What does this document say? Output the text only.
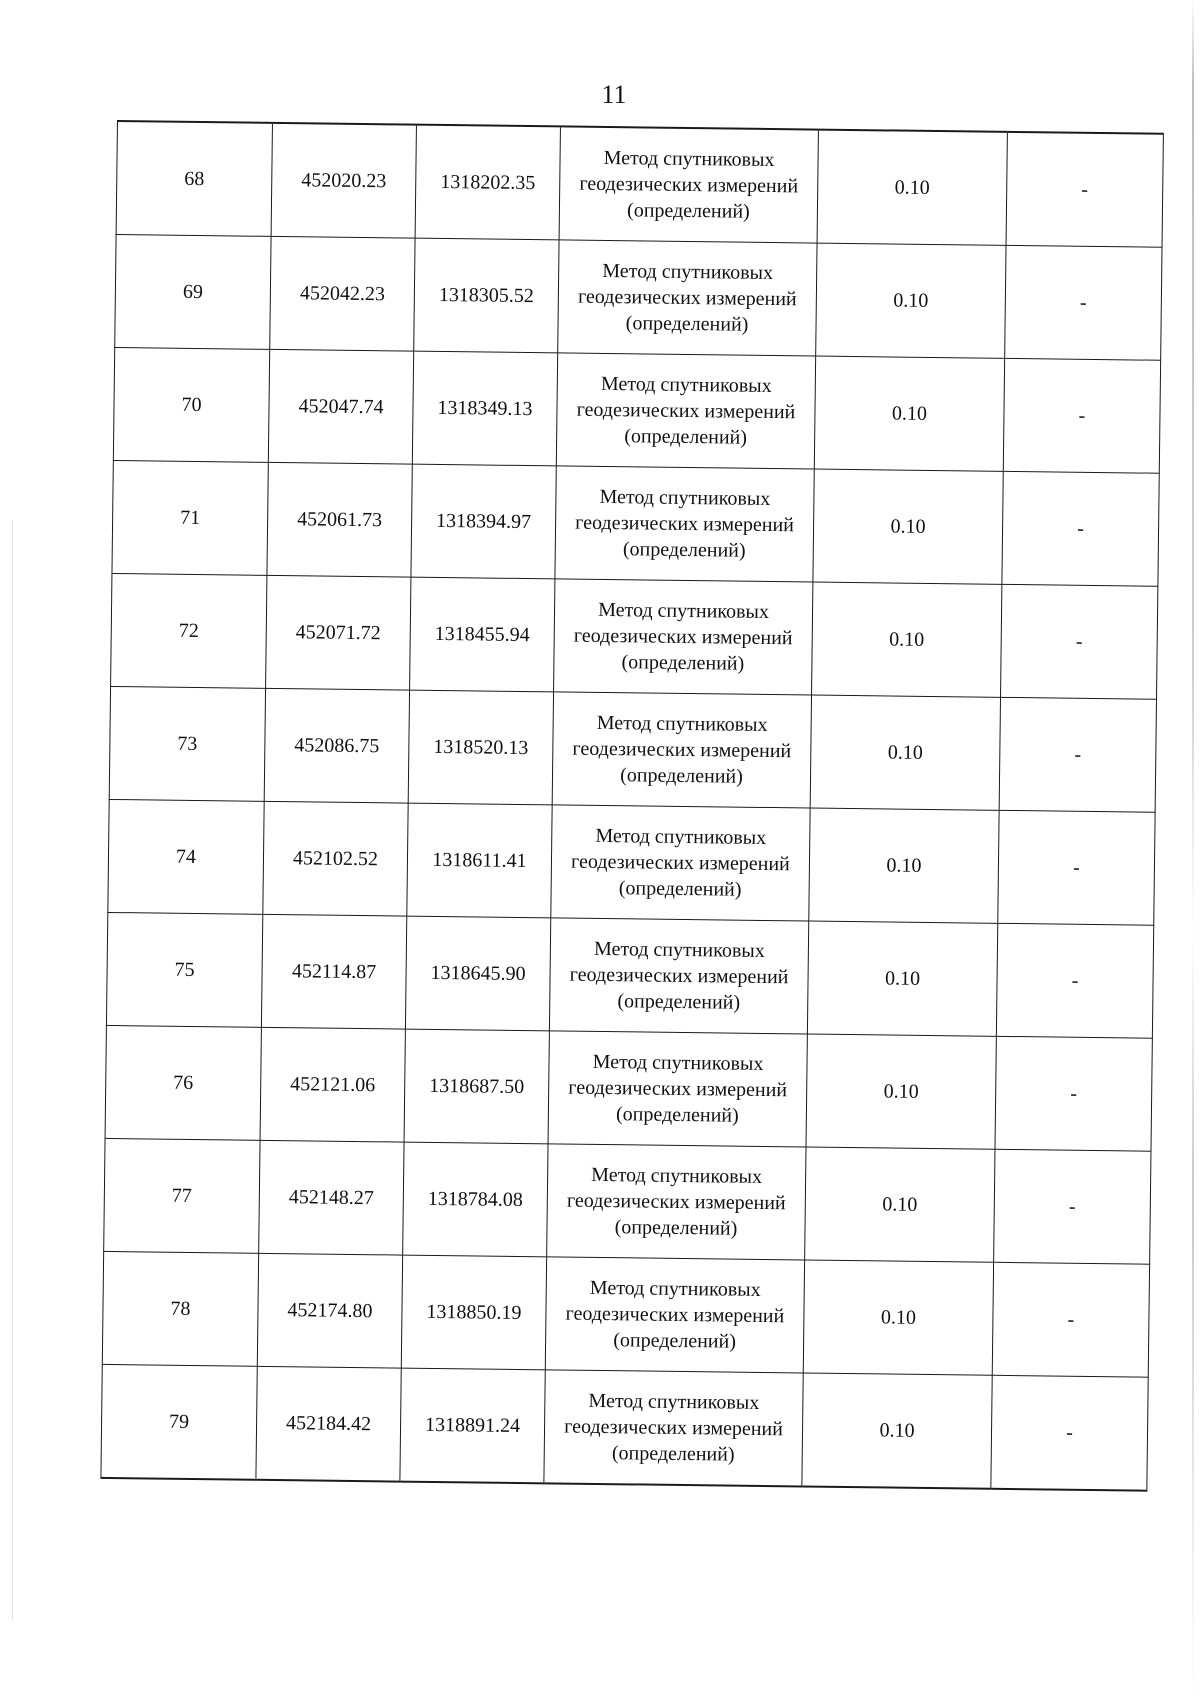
11
68	452020.23	1318202.35	Метод спутниковых геодезических измерений (определений)	0.10	-
69	452042.23	1318305.52	Метод спутниковых геодезических измерений (определений)	0.10	-
70	452047.74	1318349.13	Метод спутниковых геодезических измерений (определений)	0.10	-
71	452061.73	1318394.97	Метод спутниковых геодезических измерений (определений)	0.10	-
72	452071.72	1318455.94	Метод спутниковых геодезических измерений (определений)	0.10	-
73	452086.75	1318520.13	Метод спутниковых геодезических измерений (определений)	0.10	-
74	452102.52	1318611.41	Метод спутниковых геодезических измерений (определений)	0.10	-
75	452114.87	1318645.90	Метод спутниковых геодезических измерений (определений)	0.10	-
76	452121.06	1318687.50	Метод спутниковых геодезических измерений (определений)	0.10	-
77	452148.27	1318784.08	Метод спутниковых геодезических измерений (определений)	0.10	-
78	452174.80	1318850.19	Метод спутниковых геодезических измерений (определений)	0.10	-
79	452184.42	1318891.24	Метод спутниковых геодезических измерений (определений)	0.10	-
